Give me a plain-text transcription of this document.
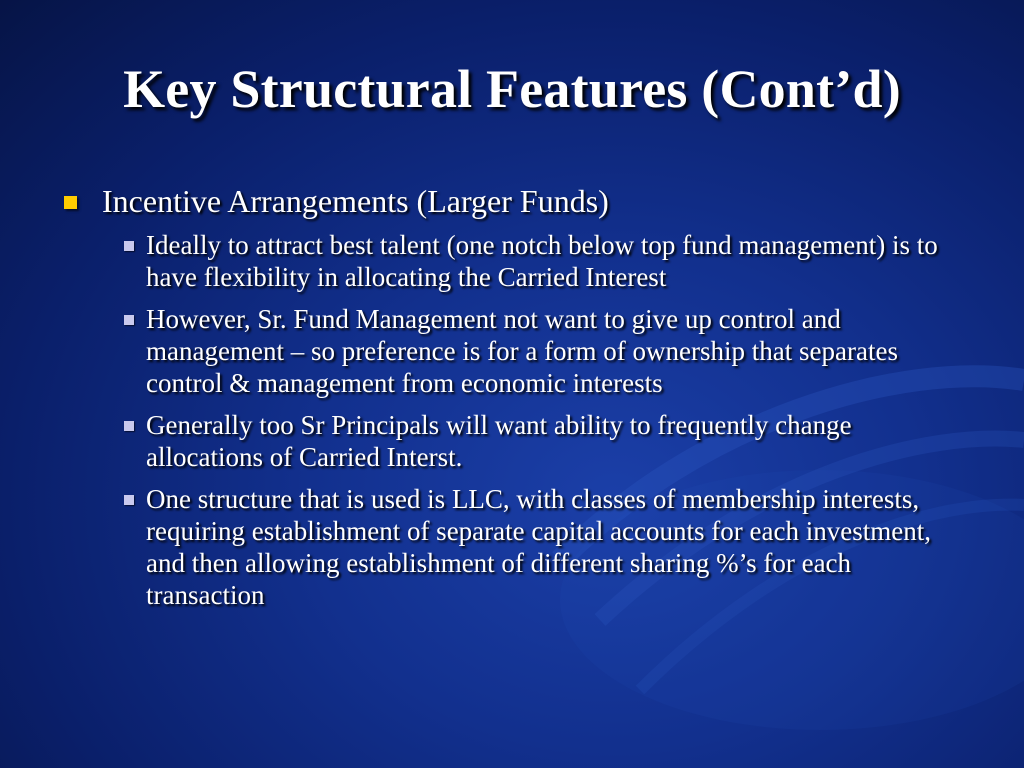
Key Structural Features (Cont’d)
Incentive Arrangements (Larger Funds)
Ideally to attract best talent (one notch below top fund management) is to have flexibility in allocating the Carried Interest
However, Sr. Fund Management not want to give up control and management – so preference is for a form of ownership that separates control & management from economic interests
Generally too Sr Principals will want ability to frequently change allocations of Carried Interst.
One structure that is used is LLC, with classes of membership interests, requiring establishment of separate capital accounts for each investment, and then allowing establishment of different sharing %’s for each transaction
